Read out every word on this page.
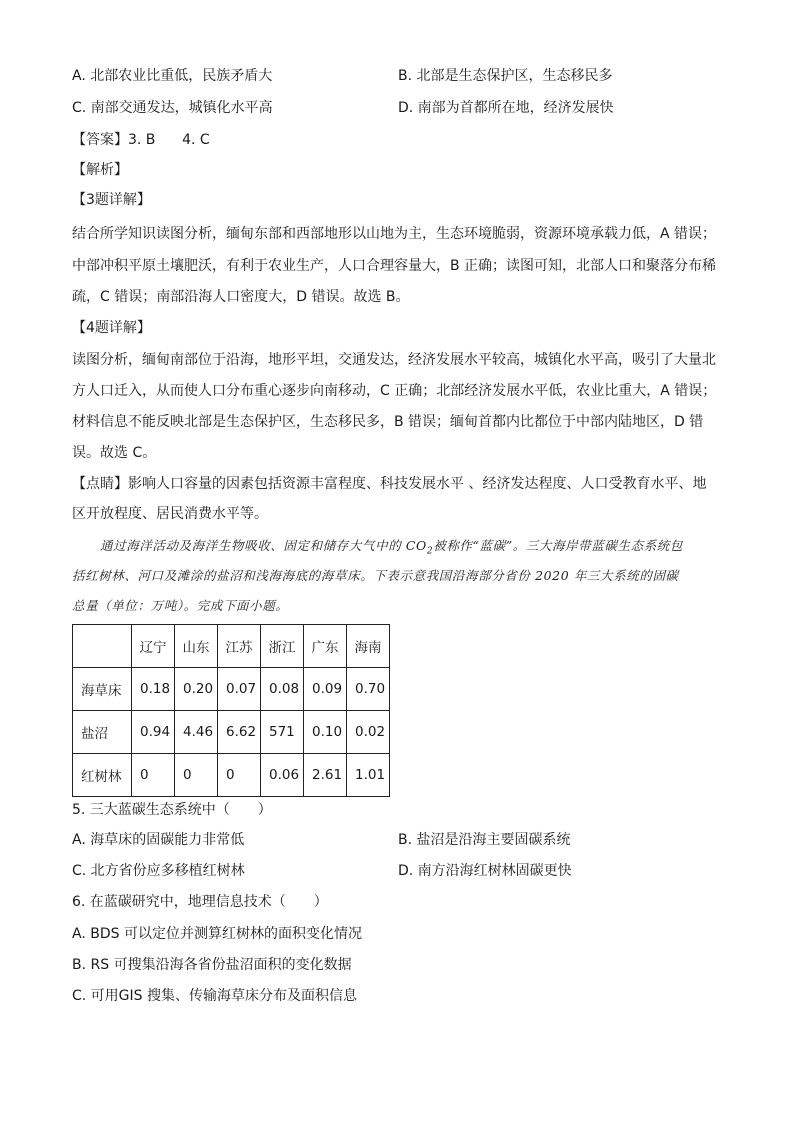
A. 北部农业比重低，民族矛盾大	B. 北部是生态保护区，生态移民多
C. 南部交通发达，城镇化水平高	D. 南部为首都所在地，经济发展快
【答案】3. B      4. C
【解析】
【3题详解】
结合所学知识读图分析，缅甸东部和西部地形以山地为主，生态环境脆弱，资源环境承载力低，A 错误；
中部冲积平原土壤肥沃，有利于农业生产，人口合理容量大，B 正确；读图可知，北部人口和聚落分布稀
疏，C 错误；南部沿海人口密度大，D 错误。故选 B。
【4题详解】
读图分析，缅甸南部位于沿海，地形平坦，交通发达，经济发展水平较高，城镇化水平高，吸引了大量北
方人口迁入，从而使人口分布重心逐步向南移动，C 正确；北部经济发展水平低，农业比重大，A 错误；
材料信息不能反映北部是生态保护区，生态移民多，B 错误；缅甸首都内比都位于中部内陆地区，D 错
误。故选 C。
【点睛】影响人口容量的因素包括资源丰富程度、科技发展水平 、经济发达程度、人口受教育水平、地
区开放程度、居民消费水平等。
通过海洋活动及海洋生物吸收、固定和储存大气中的 $CO_2$被称作“蓝碳”。三大海岸带蓝碳生态系统包
括红树林、河口及滩涂的盐沼和浅海海底的海草床。下表示意我国沿海部分省份 2020 年三大系统的固碳
总量（单位：万吨）。完成下面小题。
	辽宁	山东	江苏	浙江	广东	海南
海草床	0.18	0.20	0.07	0.08	0.09	0.70
盐沼	0.94	4.46	6.62	571	0.10	0.02
红树林	0	0	0	0.06	2.61	1.01
5. 三大蓝碳生态系统中（　　）
A. 海草床的固碳能力非常低	B. 盐沼是沿海主要固碳系统
C. 北方省份应多移植红树林	D. 南方沿海红树林固碳更快
6. 在蓝碳研究中，地理信息技术（　　）
A. BDS 可以定位并测算红树林的面积变化情况
B. RS 可搜集沿海各省份盐沼面积的变化数据
C. 可用GIS 搜集、传输海草床分布及面积信息
